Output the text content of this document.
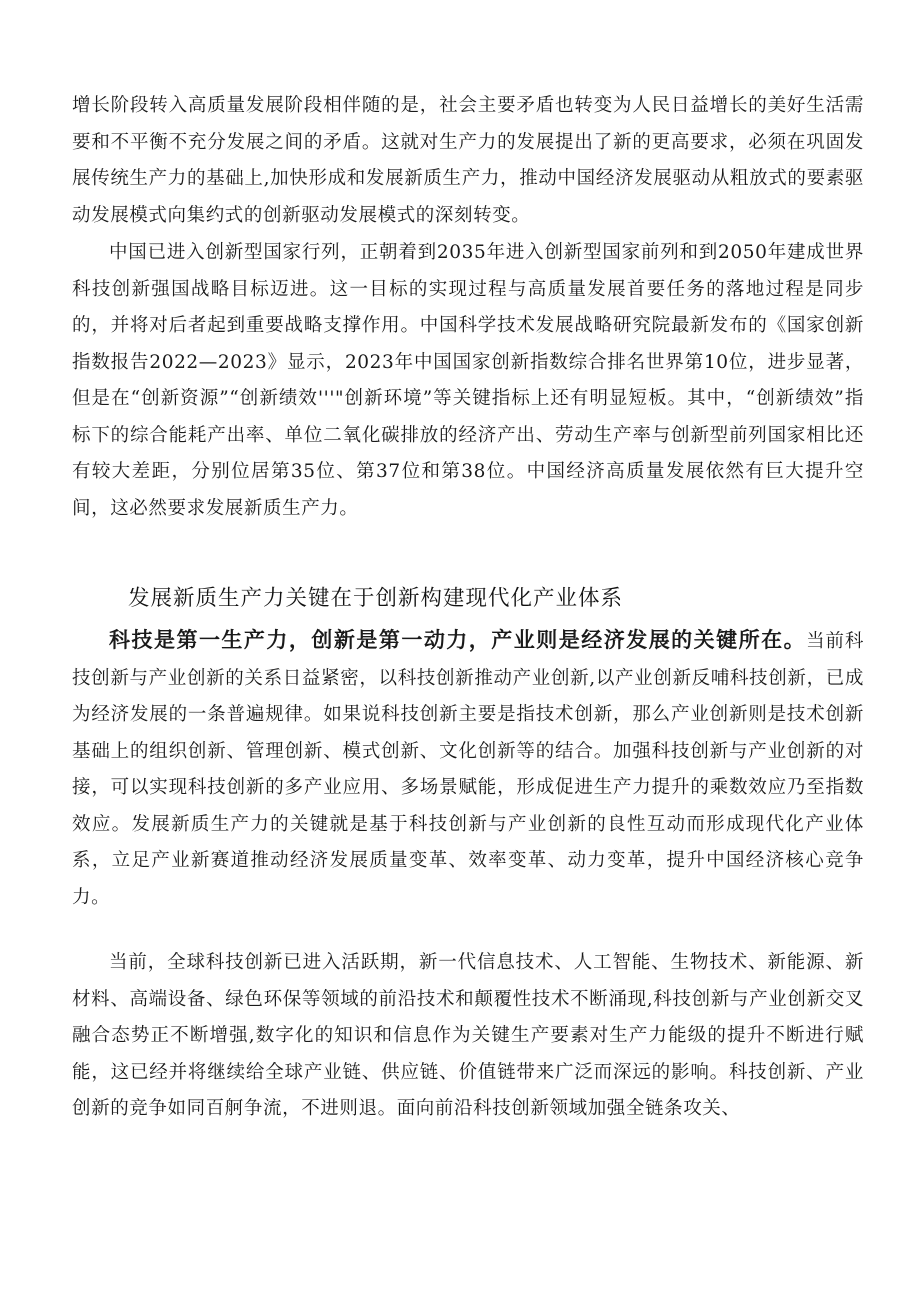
增长阶段转入高质量发展阶段相伴随的是，社会主要矛盾也转变为人民日益增长的美好生活需要和不平衡不充分发展之间的矛盾。这就对生产力的发展提出了新的更高要求，必须在巩固发展传统生产力的基础上,加快形成和发展新质生产力，推动中国经济发展驱动从粗放式的要素驱动发展模式向集约式的创新驱动发展模式的深刻转变。

中国已进入创新型国家行列，正朝着到2035年进入创新型国家前列和到2050年建成世界科技创新强国战略目标迈进。这一目标的实现过程与高质量发展首要任务的落地过程是同步的，并将对后者起到重要战略支撑作用。中国科学技术发展战略研究院最新发布的《国家创新指数报告2022—2023》显示，2023年中国国家创新指数综合排名世界第10位，进步显著，但是在“创新资源”“创新绩效'''"创新环境”等关键指标上还有明显短板。其中，“创新绩效”指标下的综合能耗产出率、单位二氧化碳排放的经济产出、劳动生产率与创新型前列国家相比还有较大差距，分别位居第35位、第37位和第38位。中国经济高质量发展依然有巨大提升空间，这必然要求发展新质生产力。

发展新质生产力关键在于创新构建现代化产业体系

科技是第一生产力，创新是第一动力，产业则是经济发展的关键所在。当前科技创新与产业创新的关系日益紧密，以科技创新推动产业创新,以产业创新反哺科技创新，已成为经济发展的一条普遍规律。如果说科技创新主要是指技术创新，那么产业创新则是技术创新基础上的组织创新、管理创新、模式创新、文化创新等的结合。加强科技创新与产业创新的对接，可以实现科技创新的多产业应用、多场景赋能，形成促进生产力提升的乘数效应乃至指数效应。发展新质生产力的关键就是基于科技创新与产业创新的良性互动而形成现代化产业体系，立足产业新赛道推动经济发展质量变革、效率变革、动力变革，提升中国经济核心竞争力。

当前，全球科技创新已进入活跃期，新一代信息技术、人工智能、生物技术、新能源、新材料、高端设备、绿色环保等领域的前沿技术和颠覆性技术不断涌现,科技创新与产业创新交叉融合态势正不断增强,数字化的知识和信息作为关键生产要素对生产力能级的提升不断进行赋能，这已经并将继续给全球产业链、供应链、价值链带来广泛而深远的影响。科技创新、产业创新的竞争如同百舸争流，不进则退。面向前沿科技创新领域加强全链条攻关、
